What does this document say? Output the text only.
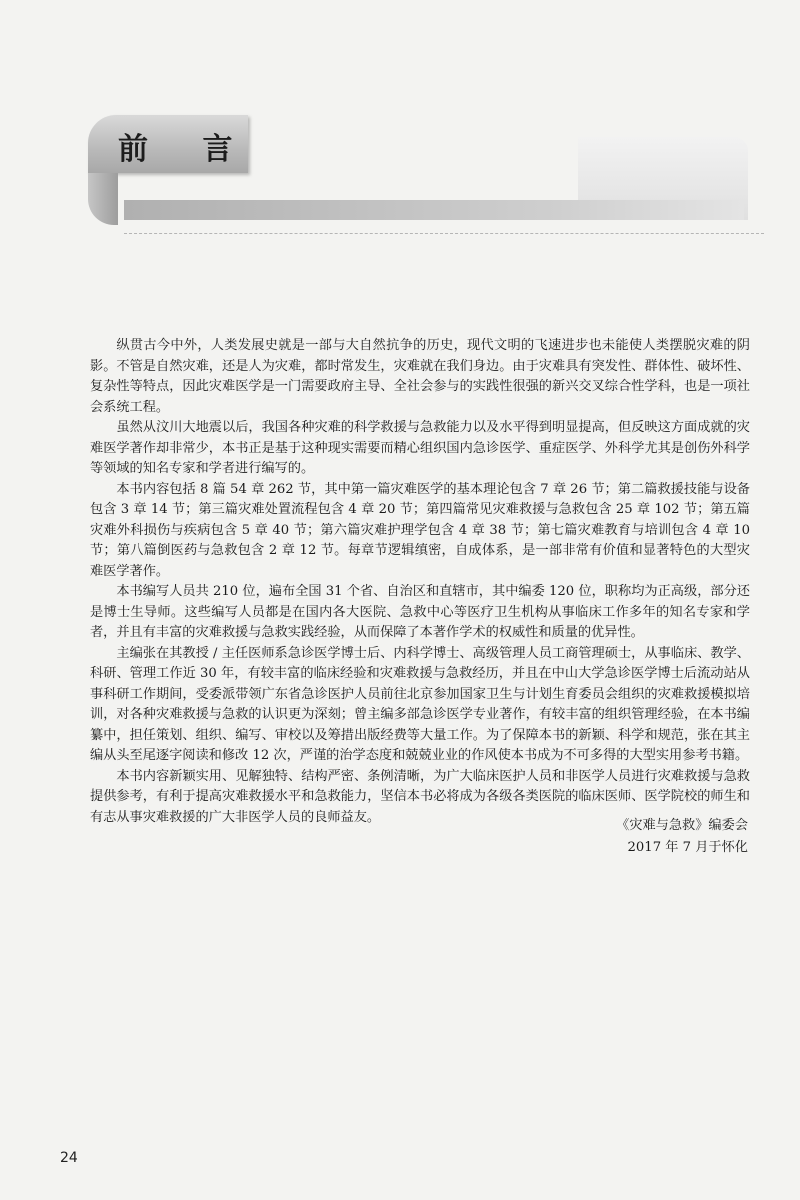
前 言

纵贯古今中外，人类发展史就是一部与大自然抗争的历史，现代文明的飞速进步也未能使人类摆脱灾难的阴影。不管是自然灾难，还是人为灾难，都时常发生，灾难就在我们身边。由于灾难具有突发性、群体性、破坏性、复杂性等特点，因此灾难医学是一门需要政府主导、全社会参与的实践性很强的新兴交叉综合性学科，也是一项社会系统工程。

虽然从汶川大地震以后，我国各种灾难的科学救援与急救能力以及水平得到明显提高，但反映这方面成就的灾难医学著作却非常少，本书正是基于这种现实需要而精心组织国内急诊医学、重症医学、外科学尤其是创伤外科学等领域的知名专家和学者进行编写的。

本书内容包括 8 篇 54 章 262 节，其中第一篇灾难医学的基本理论包含 7 章 26 节；第二篇救援技能与设备包含 3 章 14 节；第三篇灾难处置流程包含 4 章 20 节；第四篇常见灾难救援与急救包含 25 章 102 节；第五篇灾难外科损伤与疾病包含 5 章 40 节；第六篇灾难护理学包含 4 章 38 节；第七篇灾难教育与培训包含 4 章 10 节；第八篇倒医药与急救包含 2 章 12 节。每章节逻辑缜密，自成体系，是一部非常有价值和显著特色的大型灾难医学著作。

本书编写人员共 210 位，遍布全国 31 个省、自治区和直辖市，其中编委 120 位，职称均为正高级，部分还是博士生导师。这些编写人员都是在国内各大医院、急救中心等医疗卫生机构从事临床工作多年的知名专家和学者，并且有丰富的灾难救援与急救实践经验，从而保障了本著作学术的权威性和质量的优异性。

主编张在其教授 / 主任医师系急诊医学博士后、内科学博士、高级管理人员工商管理硕士，从事临床、教学、科研、管理工作近 30 年，有较丰富的临床经验和灾难救援与急救经历，并且在中山大学急诊医学博士后流动站从事科研工作期间，受委派带领广东省急诊医护人员前往北京参加国家卫生与计划生育委员会组织的灾难救援模拟培训，对各种灾难救援与急救的认识更为深刻；曾主编多部急诊医学专业著作，有较丰富的组织管理经验，在本书编纂中，担任策划、组织、编写、审校以及筹措出版经费等大量工作。为了保障本书的新颖、科学和规范，张在其主编从头至尾逐字阅读和修改 12 次，严谨的治学态度和兢兢业业的作风使本书成为不可多得的大型实用参考书籍。

本书内容新颖实用、见解独特、结构严密、条例清晰，为广大临床医护人员和非医学人员进行灾难救援与急救提供参考，有利于提高灾难救援水平和急救能力，坚信本书必将成为各级各类医院的临床医师、医学院校的师生和有志从事灾难救援的广大非医学人员的良师益友。

《灾难与急救》编委会
2017 年 7 月于怀化
24
